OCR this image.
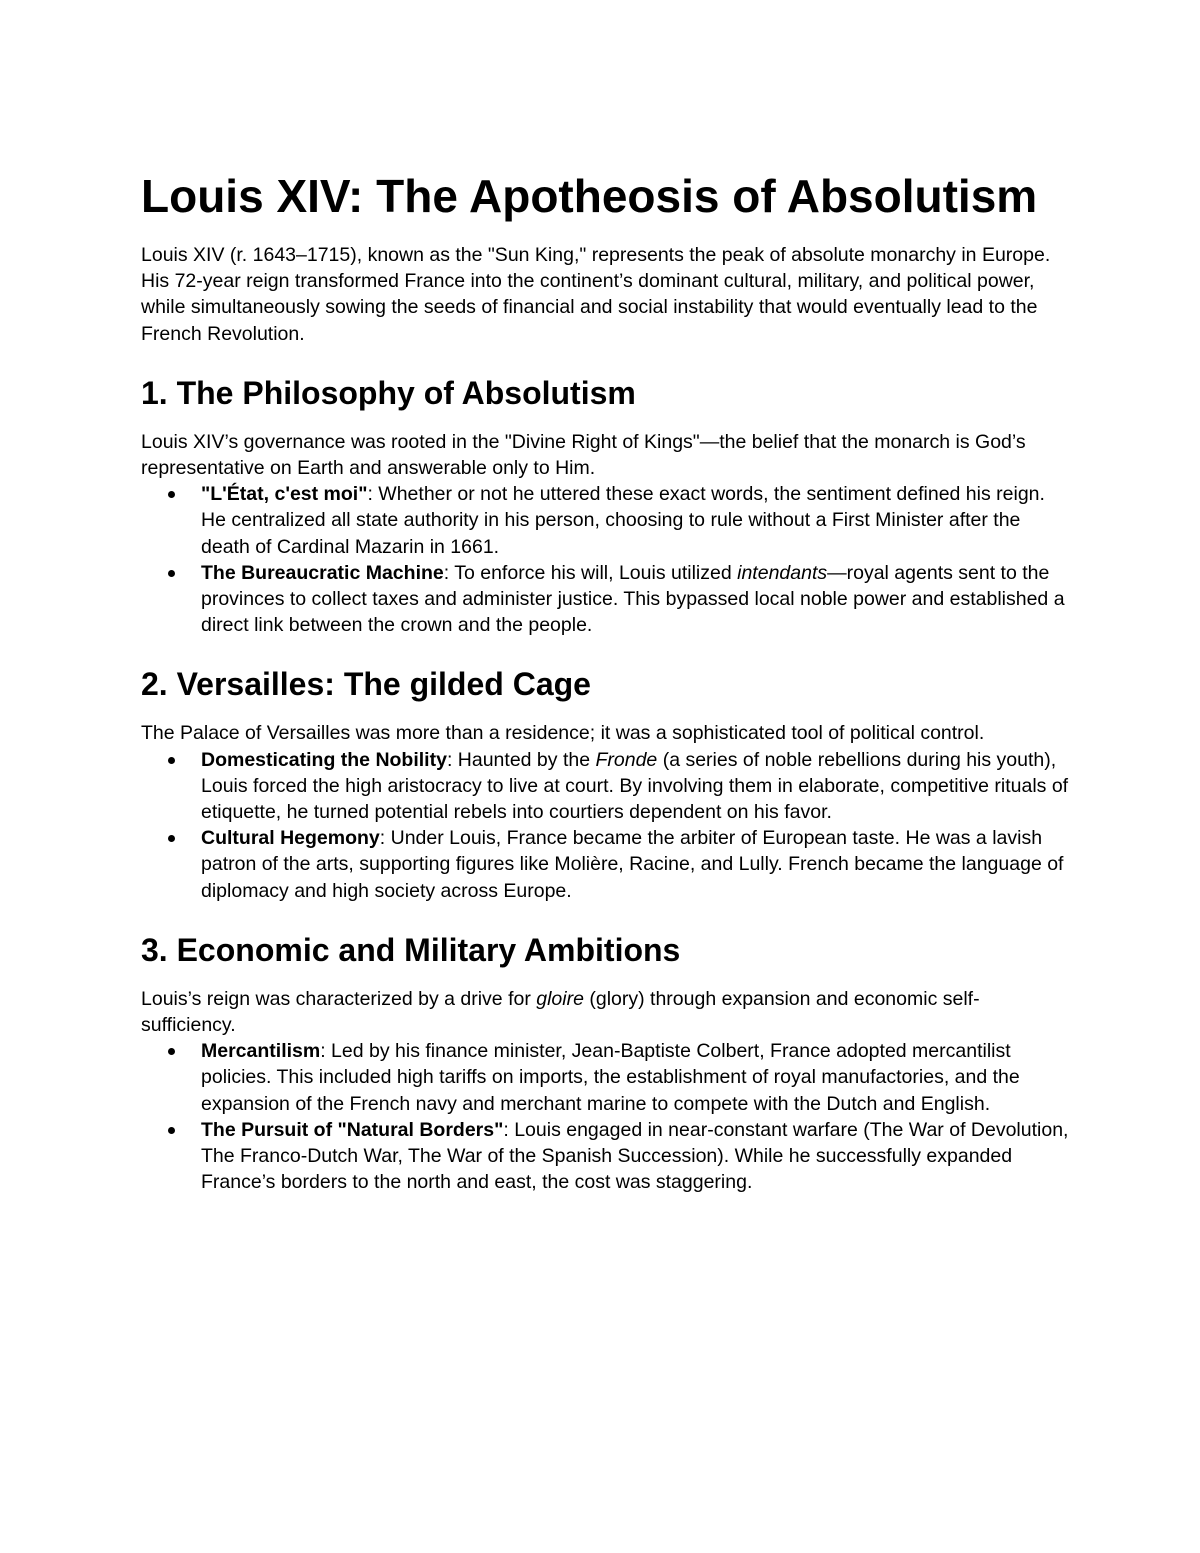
Louis XIV: The Apotheosis of Absolutism

Louis XIV (r. 1643–1715), known as the "Sun King," represents the peak of absolute monarchy in Europe. His 72-year reign transformed France into the continent’s dominant cultural, military, and political power, while simultaneously sowing the seeds of financial and social instability that would eventually lead to the French Revolution.

1. The Philosophy of Absolutism

Louis XIV’s governance was rooted in the "Divine Right of Kings"—the belief that the monarch is God’s representative on Earth and answerable only to Him.

"L'État, c'est moi": Whether or not he uttered these exact words, the sentiment defined his reign. He centralized all state authority in his person, choosing to rule without a First Minister after the death of Cardinal Mazarin in 1661.
The Bureaucratic Machine: To enforce his will, Louis utilized intendants—royal agents sent to the provinces to collect taxes and administer justice. This bypassed local noble power and established a direct link between the crown and the people.
2. Versailles: The gilded Cage

The Palace of Versailles was more than a residence; it was a sophisticated tool of political control.

Domesticating the Nobility: Haunted by the Fronde (a series of noble rebellions during his youth), Louis forced the high aristocracy to live at court. By involving them in elaborate, competitive rituals of etiquette, he turned potential rebels into courtiers dependent on his favor.
Cultural Hegemony: Under Louis, France became the arbiter of European taste. He was a lavish patron of the arts, supporting figures like Molière, Racine, and Lully. French became the language of diplomacy and high society across Europe.
3. Economic and Military Ambitions

Louis’s reign was characterized by a drive for gloire (glory) through expansion and economic self-sufficiency.

Mercantilism: Led by his finance minister, Jean-Baptiste Colbert, France adopted mercantilist policies. This included high tariffs on imports, the establishment of royal manufactories, and the expansion of the French navy and merchant marine to compete with the Dutch and English.
The Pursuit of "Natural Borders": Louis engaged in near-constant warfare (The War of Devolution, The Franco-Dutch War, The War of the Spanish Succession). While he successfully expanded France’s borders to the north and east, the cost was staggering.
